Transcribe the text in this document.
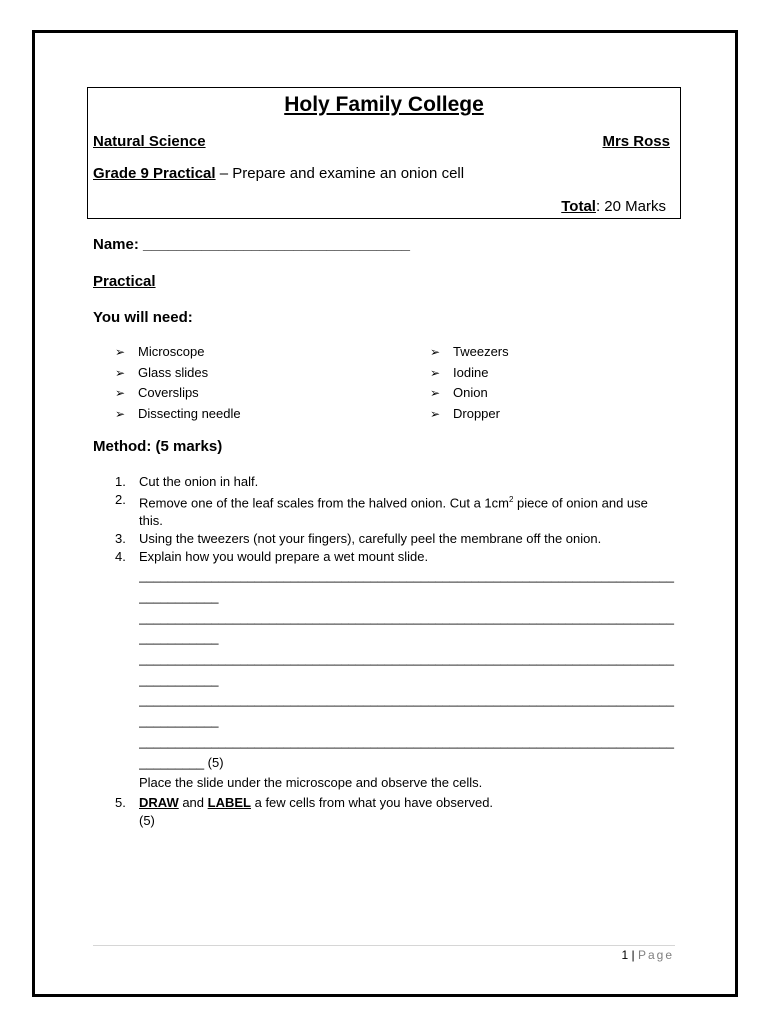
Holy Family College
Natural Science	Mrs Ross
Grade 9 Practical – Prepare and examine an onion cell
Total: 20 Marks
Name: ________________________________
Practical
You will need:
➢ Microscope
➢ Glass slides
➢ Coverslips
➢ Dissecting needle
➢ Tweezers
➢ Iodine
➢ Onion
➢ Dropper
Method: (5 marks)
1. Cut the onion in half.
2. Remove one of the leaf scales from the halved onion. Cut a $1cm^2$ piece of onion and use this.
3. Using the tweezers (not your fingers), carefully peel the membrane off the onion.
4. Explain how you would prepare a wet mount slide.
__________________________________________________________________________
___________
__________________________________________________________________________
___________
__________________________________________________________________________
___________
__________________________________________________________________________
___________
__________________________________________________________________________
_________ (5)
Place the slide under the microscope and observe the cells.
5. DRAW and LABEL a few cells from what you have observed.
(5)
1 | Page
